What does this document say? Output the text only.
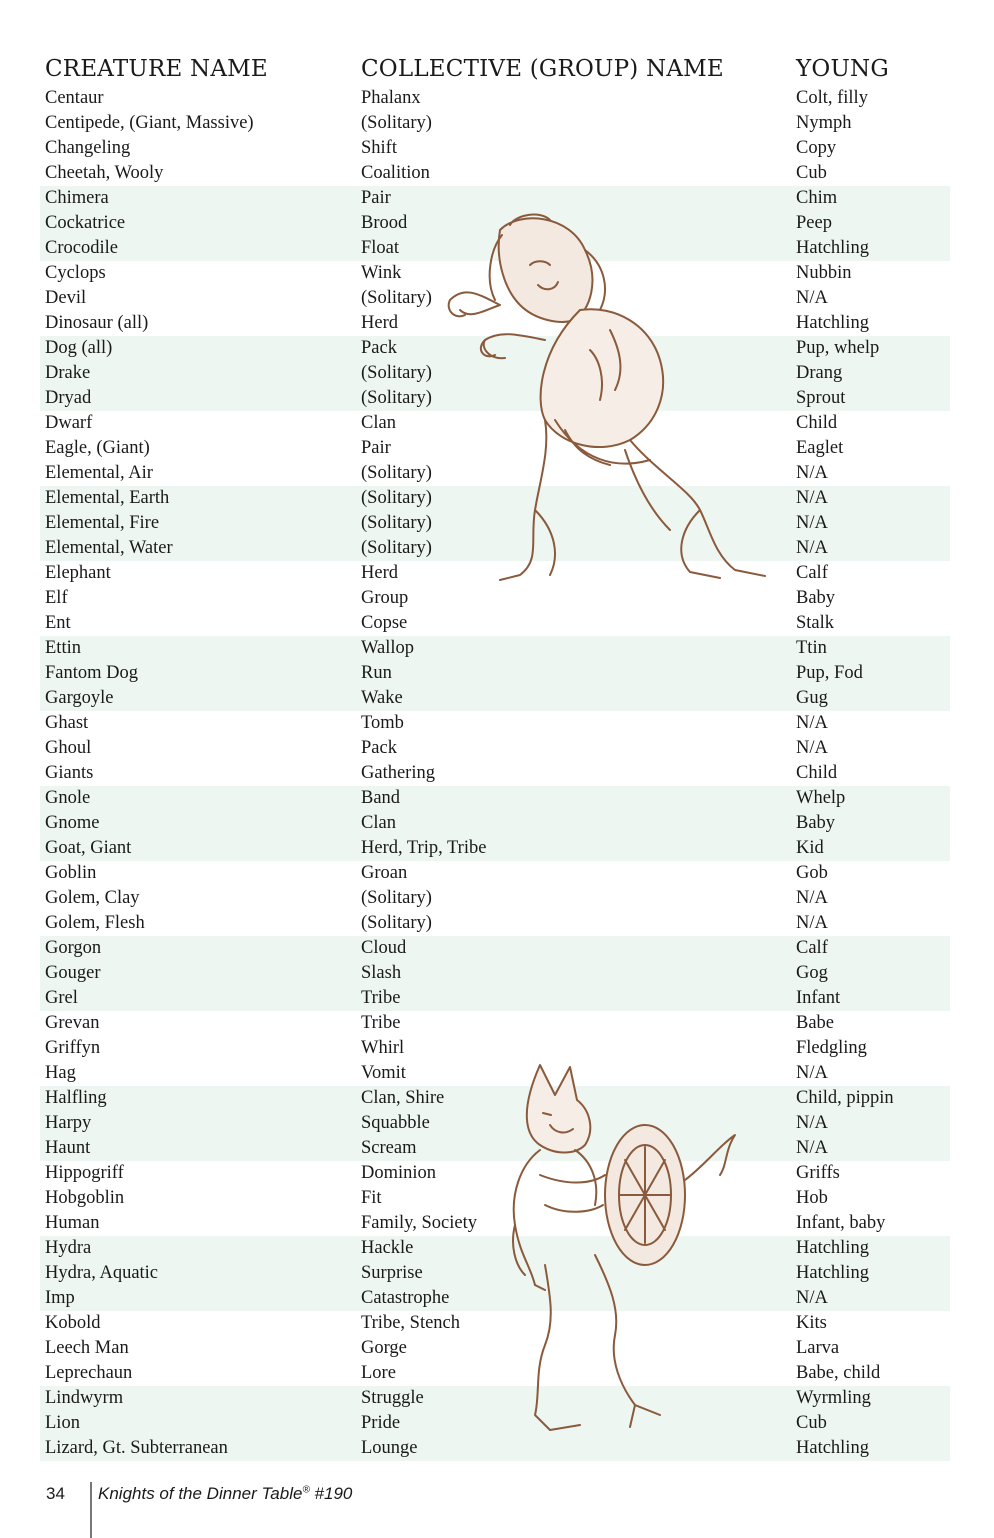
CREATURE NAME	COLLECTIVE (GROUP) NAME	YOUNG
Centaur	Phalanx	Colt, filly
Centipede, (Giant, Massive)	(Solitary)	Nymph
Changeling	Shift	Copy
Cheetah, Wooly	Coalition	Cub
Chimera	Pair	Chim
Cockatrice	Brood	Peep
Crocodile	Float	Hatchling
Cyclops	Wink	Nubbin
Devil	(Solitary)	N/A
Dinosaur (all)	Herd	Hatchling
Dog (all)	Pack	Pup, whelp
Drake	(Solitary)	Drang
Dryad	(Solitary)	Sprout
Dwarf	Clan	Child
Eagle, (Giant)	Pair	Eaglet
Elemental, Air	(Solitary)	N/A
Elemental, Earth	(Solitary)	N/A
Elemental, Fire	(Solitary)	N/A
Elemental, Water	(Solitary)	N/A
Elephant	Herd	Calf
Elf	Group	Baby
Ent	Copse	Stalk
Ettin	Wallop	Ttin
Fantom Dog	Run	Pup, Fod
Gargoyle	Wake	Gug
Ghast	Tomb	N/A
Ghoul	Pack	N/A
Giants	Gathering	Child
Gnole	Band	Whelp
Gnome	Clan	Baby
Goat, Giant	Herd, Trip, Tribe	Kid
Goblin	Groan	Gob
Golem, Clay	(Solitary)	N/A
Golem, Flesh	(Solitary)	N/A
Gorgon	Cloud	Calf
Gouger	Slash	Gog
Grel	Tribe	Infant
Grevan	Tribe	Babe
Griffyn	Whirl	Fledgling
Hag	Vomit	N/A
Halfling	Clan, Shire	Child, pippin
Harpy	Squabble	N/A
Haunt	Scream	N/A
Hippogriff	Dominion	Griffs
Hobgoblin	Fit	Hob
Human	Family, Society	Infant, baby
Hydra	Hackle	Hatchling
Hydra, Aquatic	Surprise	Hatchling
Imp	Catastrophe	N/A
Kobold	Tribe, Stench	Kits
Leech Man	Gorge	Larva
Leprechaun	Lore	Babe, child
Lindwyrm	Struggle	Wyrmling
Lion	Pride	Cub
Lizard, Gt. Subterranean	Lounge	Hatchling
34 Knights of the Dinner Table® #190
